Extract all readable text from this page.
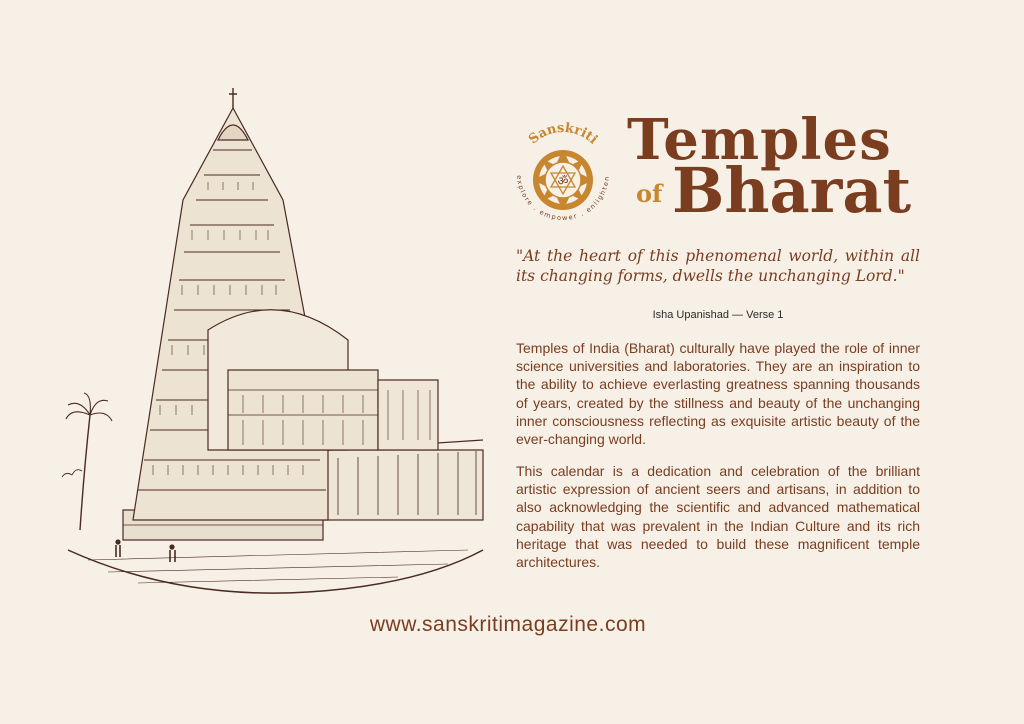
Sanskriti
explore . empower . enlighten
ॐ
Temples
of Bharat
"At the heart of this phenomenal world, within all its changing forms, dwells the unchanging Lord."
Isha Upanishad — Verse 1

Temples of India (Bharat) culturally have played the role of inner science universities and laboratories. They are an inspiration to the ability to achieve everlasting greatness spanning thousands of years, created by the stillness and beauty of the unchanging inner consciousness reflecting as exquisite artistic beauty of the ever-changing world.

This calendar is a dedication and celebration of the brilliant artistic expression of ancient seers and artisans, in addition to also acknowledging the scientific and advanced mathematical capability that was prevalent in the Indian Culture and its rich heritage that was needed to build these magnificent temple architectures.

www.sanskritimagazine.com
